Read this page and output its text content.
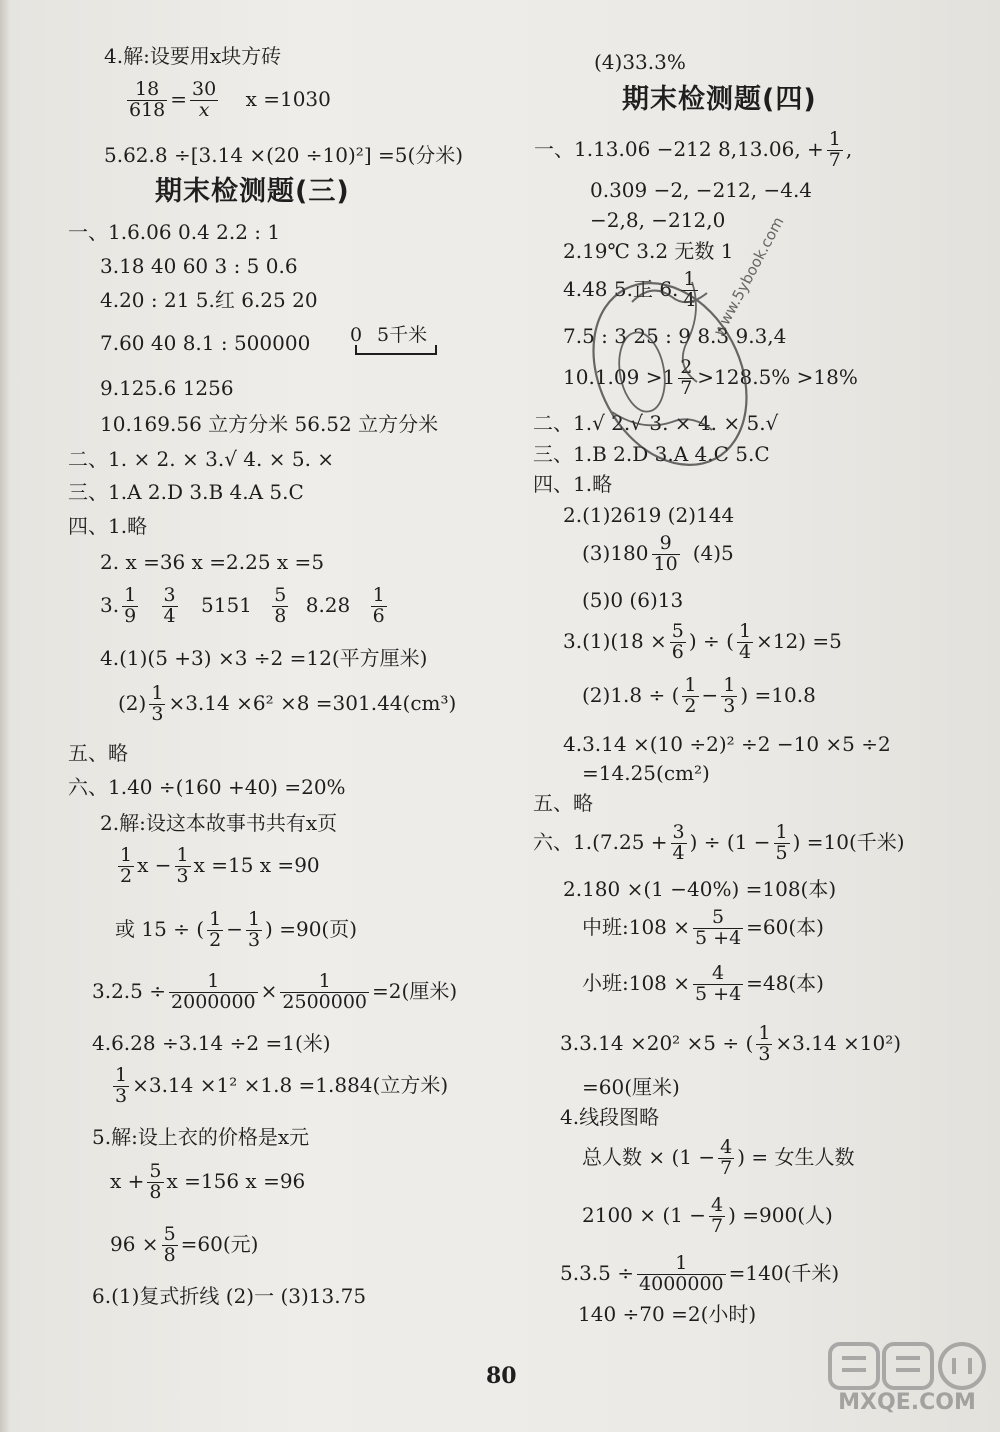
4.解:设要用x块方砖
$\frac{18}{618} = \frac{30}{x}$ x =1030
5.62.8 ÷[3.14 ×(20 ÷10)²] =5(分米)
期末检测题(三)
一、1.6.06 0.4 2.2 : 1
3.18 40 60 3 : 5 0.6
4.20 : 21 5.红 6.25 20
7.60 40 8.1 : 500000 0 5千米
9.125.6 1256
10.169.56 立方分米 56.52 立方分米
二、1. × 2. × 3.√ 4. × 5. ×
三、1.A 2.D 3.B 4.A 5.C
四、1.略
2. x =36 x =2.25 x =5
3. $\frac{1}{9}$
$\frac{3}{4} 5151 \frac{5}{8} 8.28 \frac{1}{6}$
4.(1)(5 +3) ×3 ÷2 =12(平方厘米)
$(2) \frac{1}{3} \times 3.14 \times 6^2 \times 8 =301.44(cm^3)$
五、略
六、1.40 ÷(160 +40) =20%
2.解:设这本故事书共有x页
$\frac{1}{2}$ $x - \frac{1}{3}$ x =15 x =90
或 15 ÷ ( $\frac{1}{2} - \frac{1}{3}$ ) =90(页)
$3.2.5 \div \frac{1}{2000000} \times \frac{1}{2500000} =2$(厘米)
4.6.28 ÷3.14 ÷2 =1(米)
$\frac{1}{3} \times 3.14 \times 1^2 \times 1.8 =1.884$(立方米)
5.解:设上衣的价格是x元
$x + \frac{5}{8}$ x =156 x =96
$96 \times \frac{5}{8} =60$(元)
6.(1)复式折线 (2)一 (3)13.75
(4)33.3%
期末检测题(四)
一、1.13.06 −212 8,13.06, + $\frac{1}{7}$ ,
0.309 −2, −212, −4.4
−2,8, −212,0
2.19℃ 3.2 无数 1
4.48 5.正 6. $\frac{1}{4}$
7.5 : 3 25 : 9 8.3 9.3,4
$10.1.09 >1 \frac{2}{7} >128.5\% >18\%$
二、1.√ 2.√ 3. × 4. × 5.√
三、1.B 2.D 3.A 4.C 5.C
四、1.略
2.(1)2619 (2)144
$(3)180 \frac{9}{10} (4)5$
(5)0 (6)13
$3.(1)(18 \times \frac{5}{6}$ ) ÷ ( $\frac{1}{4} \times 12) =5$
(2)1.8 ÷ ( $\frac{1}{2} - \frac{1}{3}$ ) =10.8
4.3.14 ×(10 ÷2)² ÷2 −10 ×5 ÷2
=14.25(cm²)
五、略
六、$1.(7.25 + \frac{3}{4}$ ) ÷ ($1 - \frac{1}{5}$ ) =10(千米)
2.180 ×(1 −40%) =108(本)
中班:108 × $\frac{5}{5 +4} =60$(本)
小班:108 × $\frac{4}{5 +4} =48$(本)
3.3.14 ×20² ×5 ÷ ( $\frac{1}{3} \times 3.14 \times 10^2$)
=60(厘米)
4.线段图略
总人数 × ($1 - \frac{4}{7}$ ) = 女生人数
$2100 \times (1 - \frac{4}{7}$ ) =900(人)
$5.3.5 \div \frac{1}{4000000} =140$(千米)
140 ÷70 =2(小时)
80
www.5ybook.com
MXQE.COM
